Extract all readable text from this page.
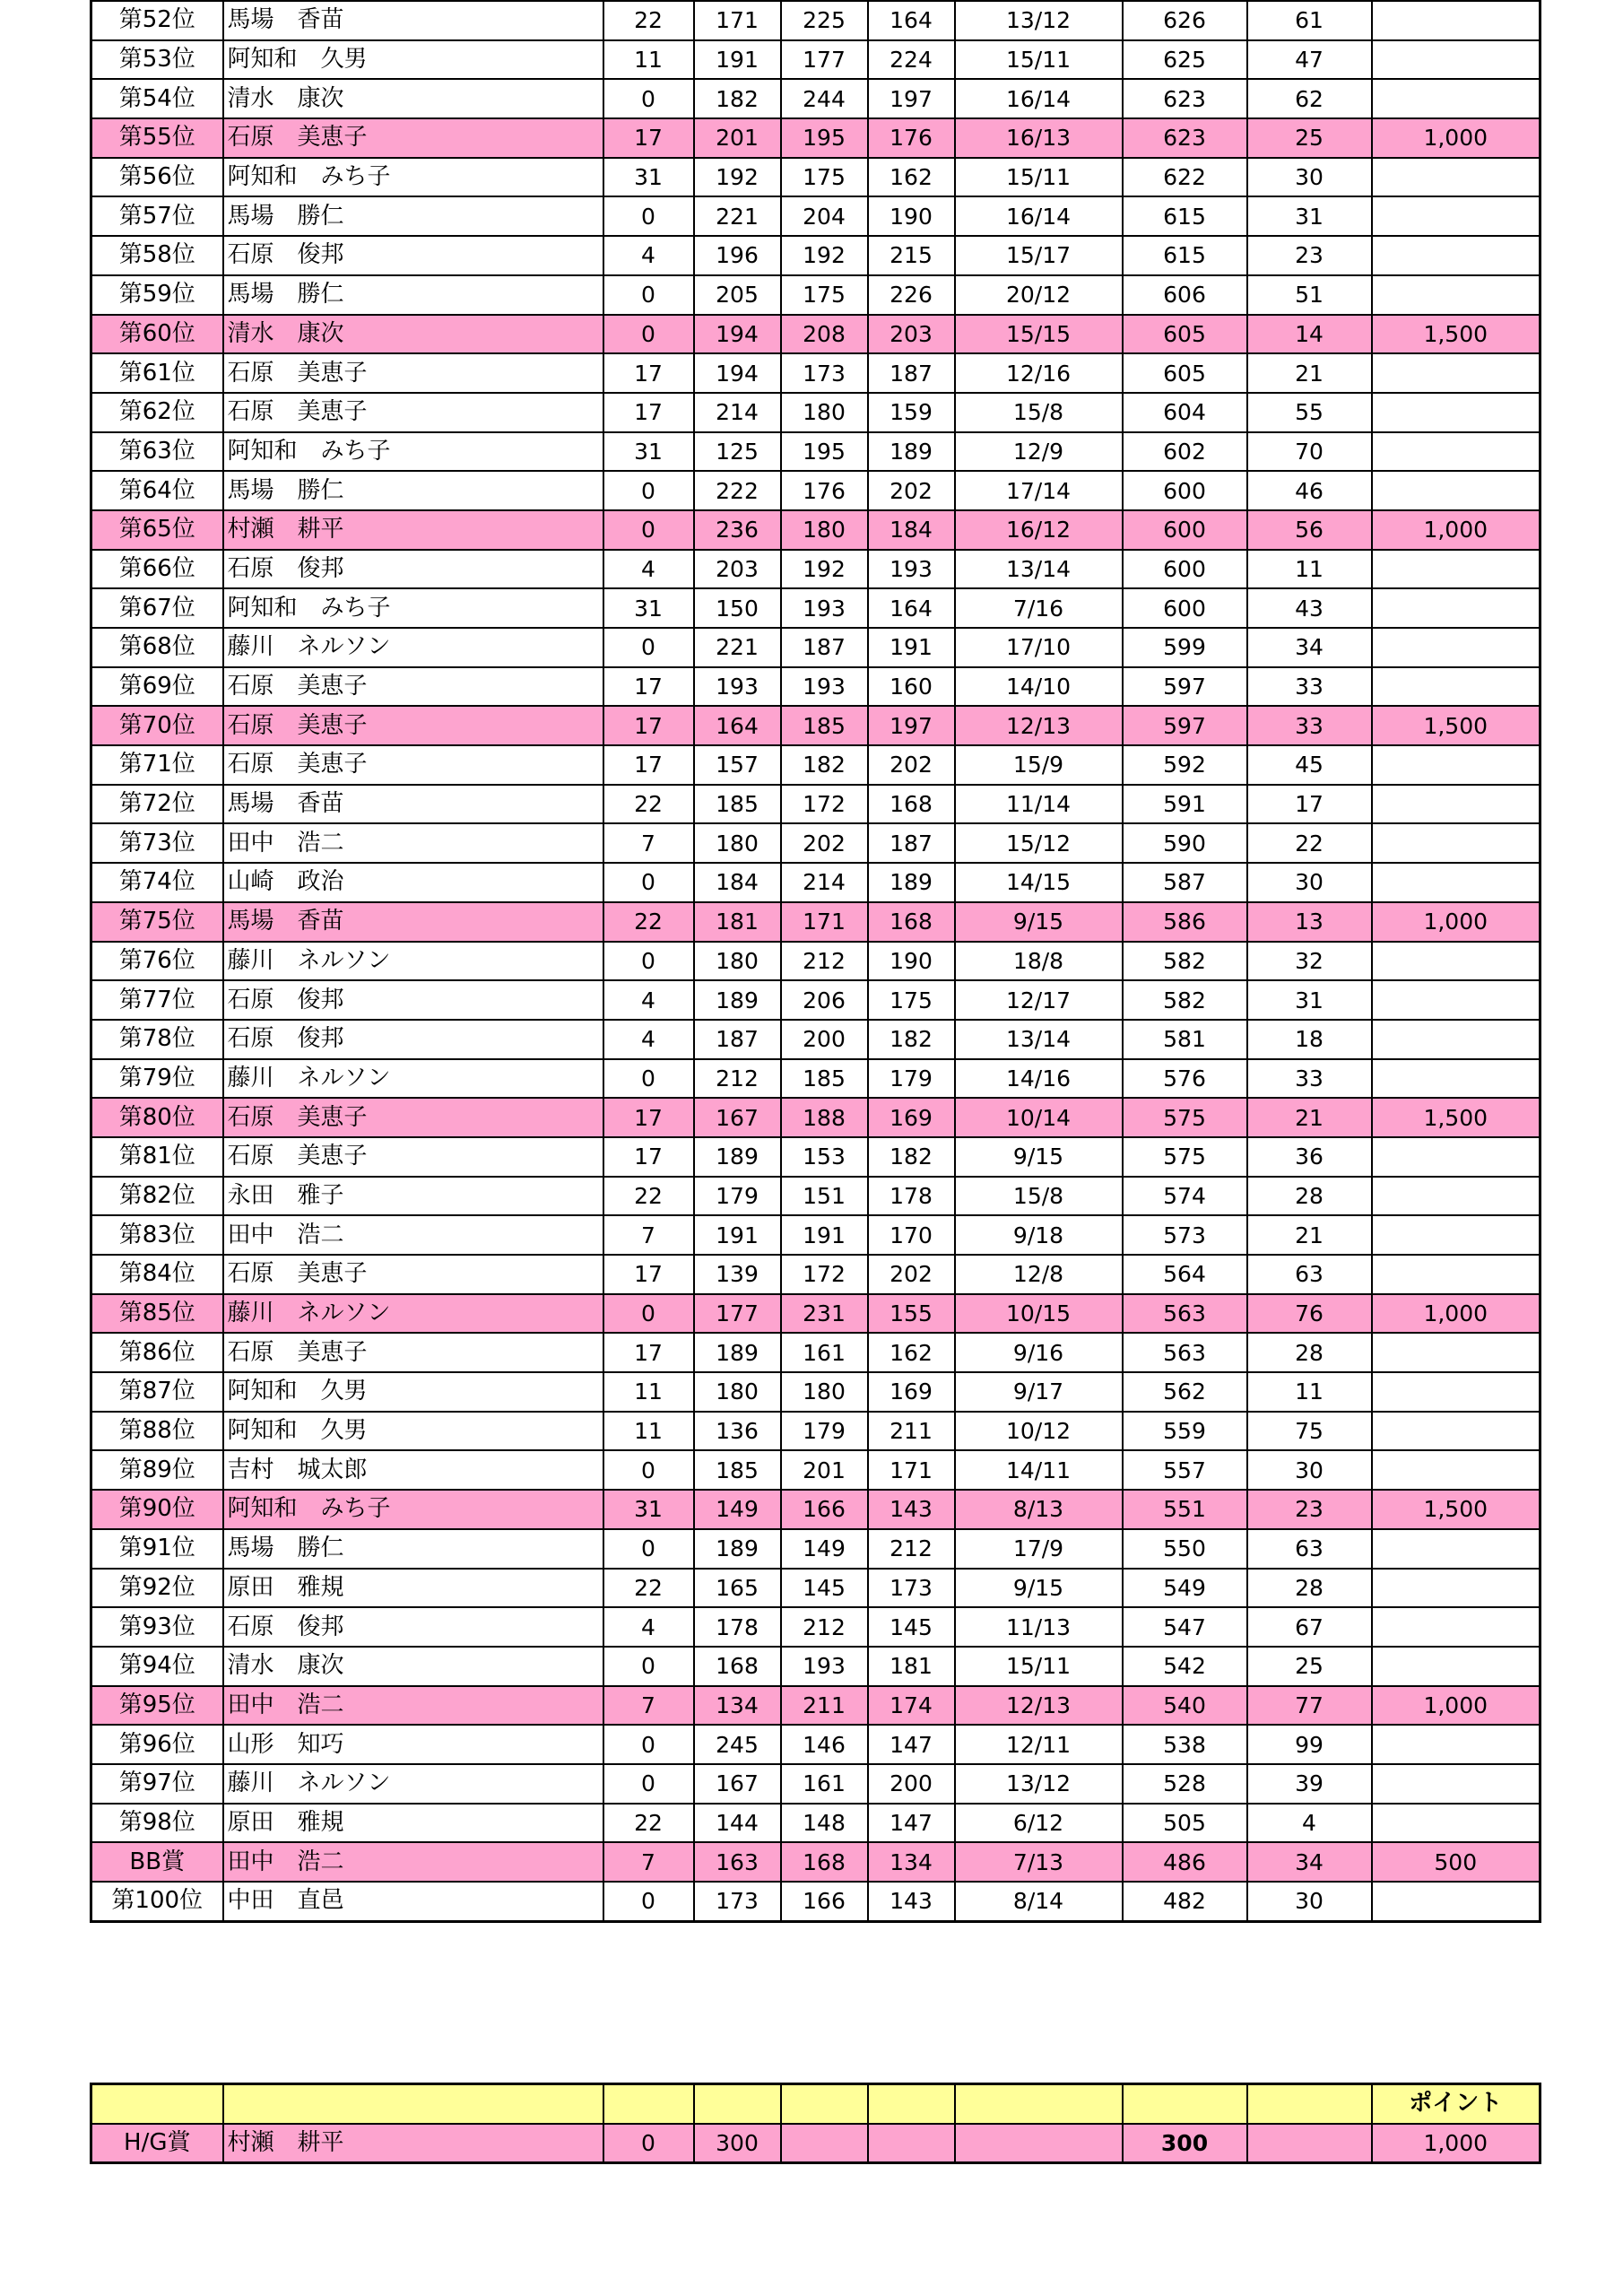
第52位	馬場　香苗	22	171	225	164	13/12	626	61	
第53位	阿知和　久男	11	191	177	224	15/11	625	47	
第54位	清水　康次	0	182	244	197	16/14	623	62	
第55位	石原　美恵子	17	201	195	176	16/13	623	25	1,000
第56位	阿知和　みち子	31	192	175	162	15/11	622	30	
第57位	馬場　勝仁	0	221	204	190	16/14	615	31	
第58位	石原　俊邦	4	196	192	215	15/17	615	23	
第59位	馬場　勝仁	0	205	175	226	20/12	606	51	
第60位	清水　康次	0	194	208	203	15/15	605	14	1,500
第61位	石原　美恵子	17	194	173	187	12/16	605	21	
第62位	石原　美恵子	17	214	180	159	15/8	604	55	
第63位	阿知和　みち子	31	125	195	189	12/9	602	70	
第64位	馬場　勝仁	0	222	176	202	17/14	600	46	
第65位	村瀬　耕平	0	236	180	184	16/12	600	56	1,000
第66位	石原　俊邦	4	203	192	193	13/14	600	11	
第67位	阿知和　みち子	31	150	193	164	7/16	600	43	
第68位	藤川　ネルソン	0	221	187	191	17/10	599	34	
第69位	石原　美恵子	17	193	193	160	14/10	597	33	
第70位	石原　美恵子	17	164	185	197	12/13	597	33	1,500
第71位	石原　美恵子	17	157	182	202	15/9	592	45	
第72位	馬場　香苗	22	185	172	168	11/14	591	17	
第73位	田中　浩二	7	180	202	187	15/12	590	22	
第74位	山崎　政治	0	184	214	189	14/15	587	30	
第75位	馬場　香苗	22	181	171	168	9/15	586	13	1,000
第76位	藤川　ネルソン	0	180	212	190	18/8	582	32	
第77位	石原　俊邦	4	189	206	175	12/17	582	31	
第78位	石原　俊邦	4	187	200	182	13/14	581	18	
第79位	藤川　ネルソン	0	212	185	179	14/16	576	33	
第80位	石原　美恵子	17	167	188	169	10/14	575	21	1,500
第81位	石原　美恵子	17	189	153	182	9/15	575	36	
第82位	永田　雅子	22	179	151	178	15/8	574	28	
第83位	田中　浩二	7	191	191	170	9/18	573	21	
第84位	石原　美恵子	17	139	172	202	12/8	564	63	
第85位	藤川　ネルソン	0	177	231	155	10/15	563	76	1,000
第86位	石原　美恵子	17	189	161	162	9/16	563	28	
第87位	阿知和　久男	11	180	180	169	9/17	562	11	
第88位	阿知和　久男	11	136	179	211	10/12	559	75	
第89位	吉村　城太郎	0	185	201	171	14/11	557	30	
第90位	阿知和　みち子	31	149	166	143	8/13	551	23	1,500
第91位	馬場　勝仁	0	189	149	212	17/9	550	63	
第92位	原田　雅規	22	165	145	173	9/15	549	28	
第93位	石原　俊邦	4	178	212	145	11/13	547	67	
第94位	清水　康次	0	168	193	181	15/11	542	25	
第95位	田中　浩二	7	134	211	174	12/13	540	77	1,000
第96位	山形　知巧	0	245	146	147	12/11	538	99	
第97位	藤川　ネルソン	0	167	161	200	13/12	528	39	
第98位	原田　雅規	22	144	148	147	6/12	505	4	
BB賞	田中　浩二	7	163	168	134	7/13	486	34	500
第100位	中田　直邑	0	173	166	143	8/14	482	30	
									ポイント
H/G賞	村瀬　耕平	0	300				300		1,000
